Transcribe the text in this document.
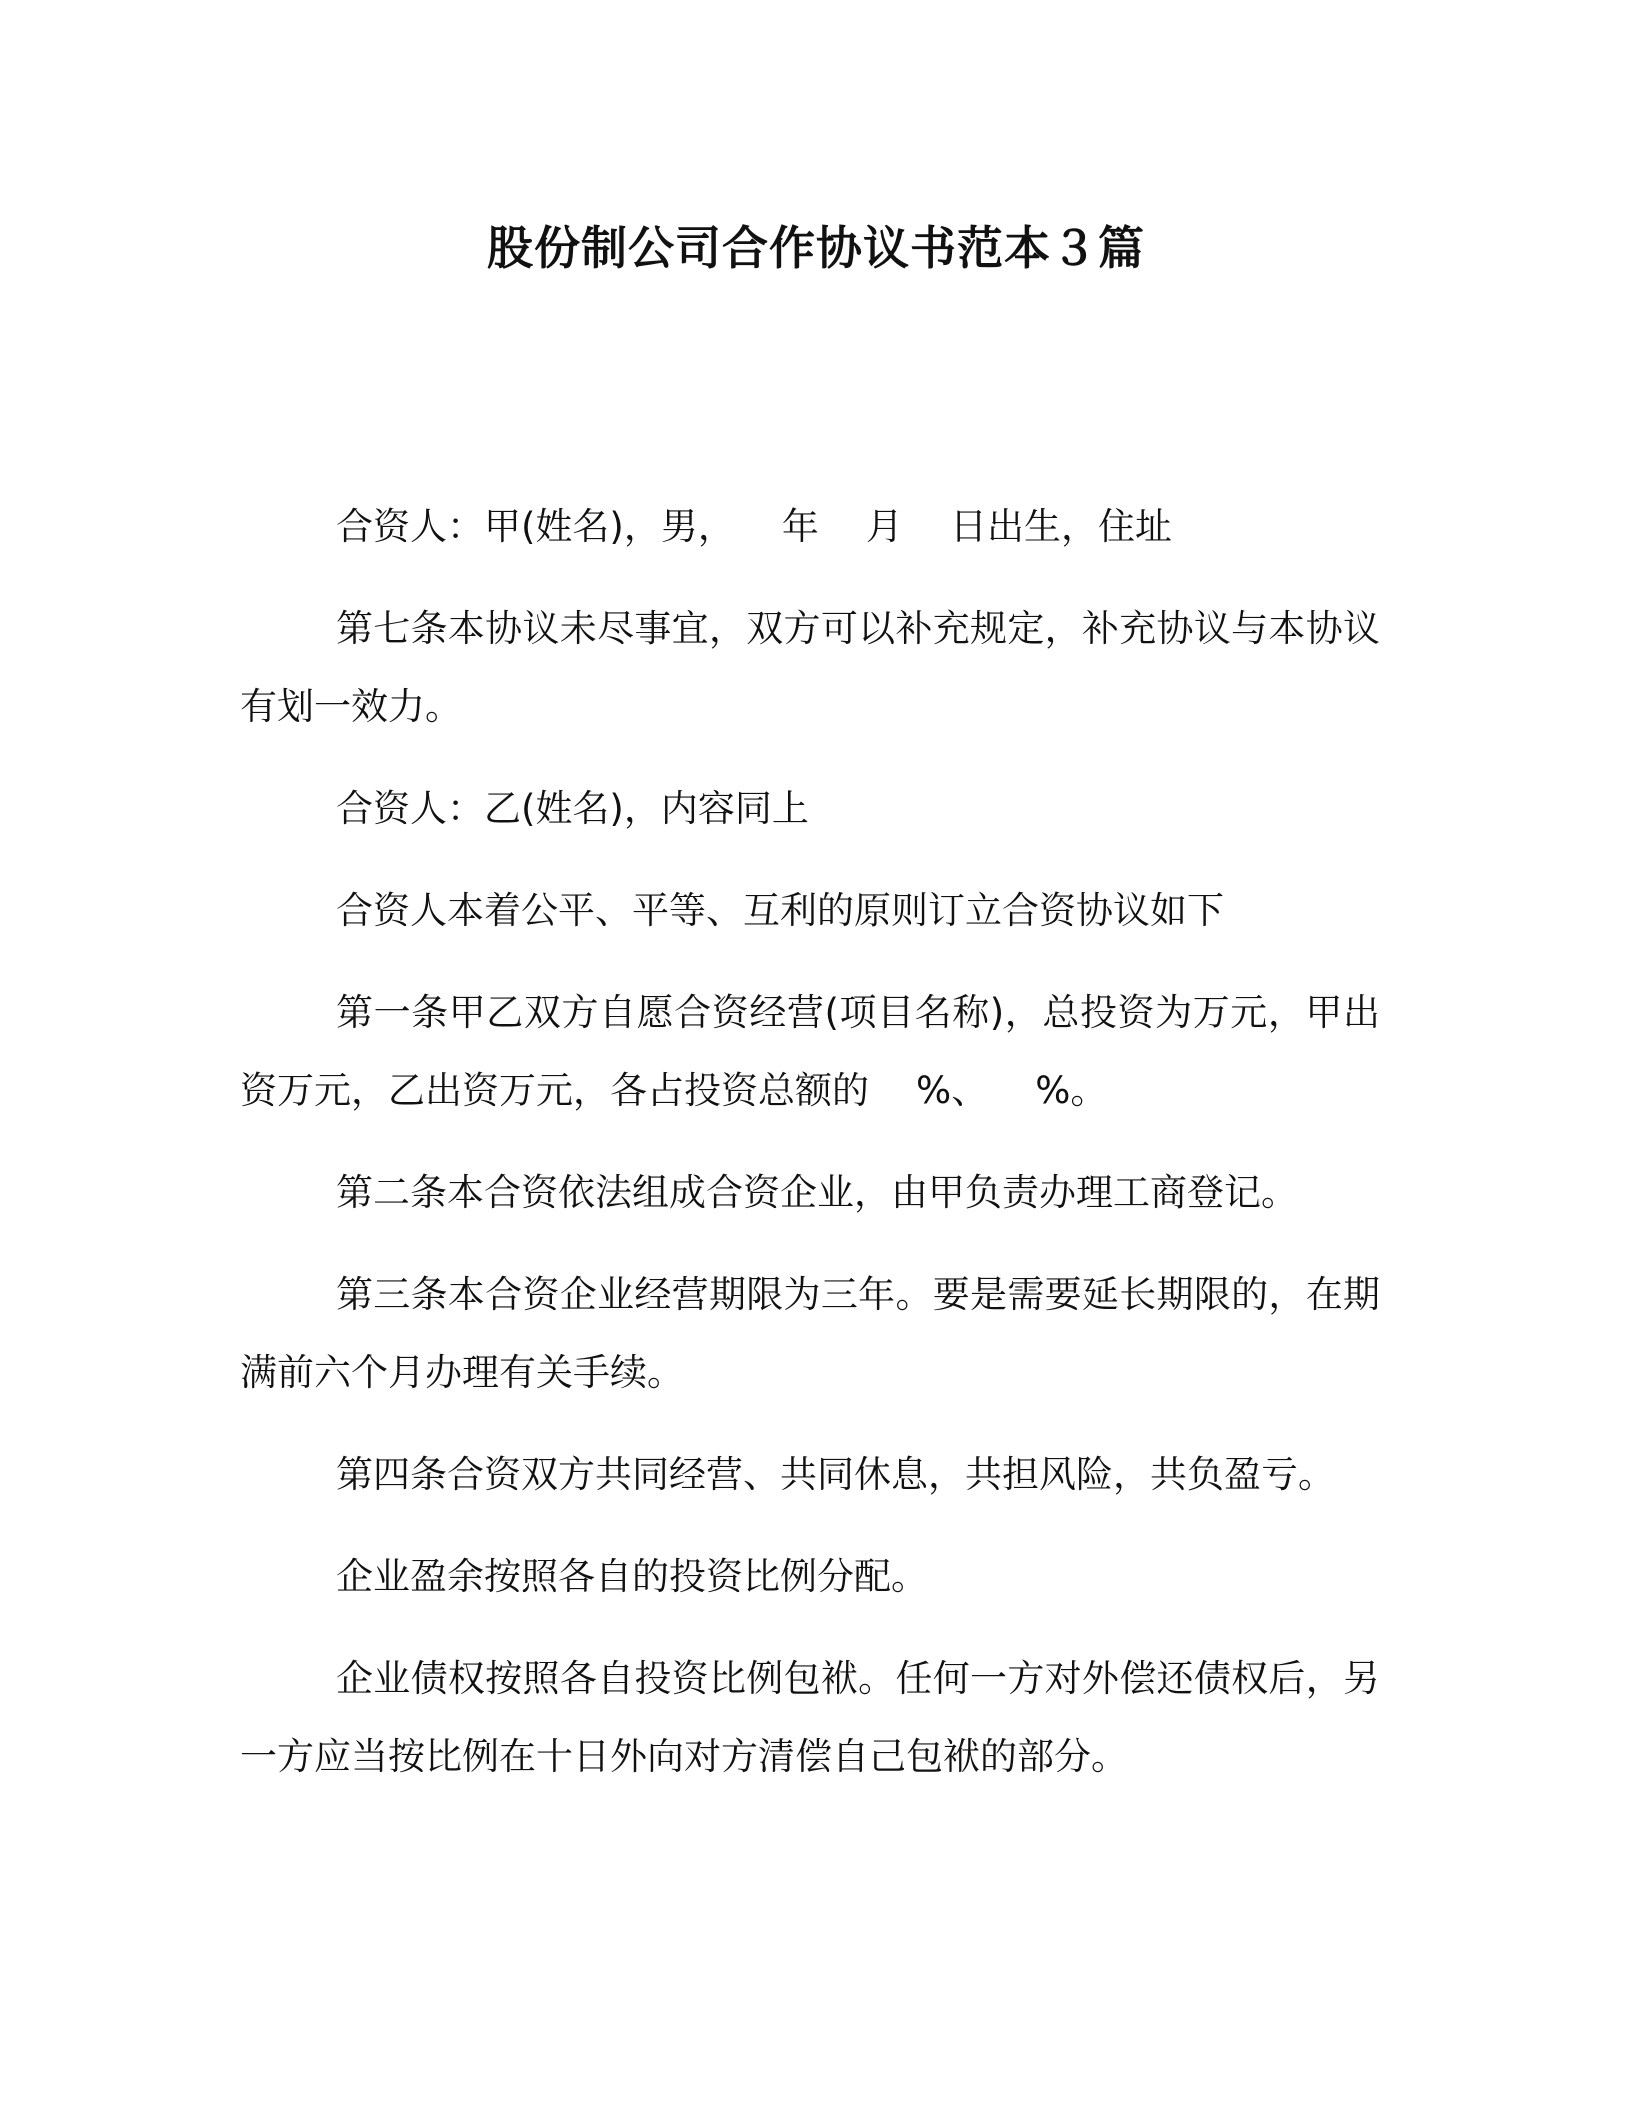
股份制公司合作协议书范本３篇

合资人：甲(姓名)，男，    年    月    日出生，住址

第七条本协议未尽事宜，双方可以补充规定，补充协议与本协议有划一效力。

合资人：乙(姓名)，内容同上

合资人本着公平、平等、互利的原则订立合资协议如下

第一条甲乙双方自愿合资经营(项目名称)，总投资为万元，甲出资万元，乙出资万元，各占投资总额的    %、    %。

第二条本合资依法组成合资企业，由甲负责办理工商登记。

第三条本合资企业经营期限为三年。要是需要延长期限的，在期满前六个月办理有关手续。

第四条合资双方共同经营、共同休息，共担风险，共负盈亏。

企业盈余按照各自的投资比例分配。

企业债权按照各自投资比例包袱。任何一方对外偿还债权后，另一方应当按比例在十日外向对方清偿自己包袱的部分。
